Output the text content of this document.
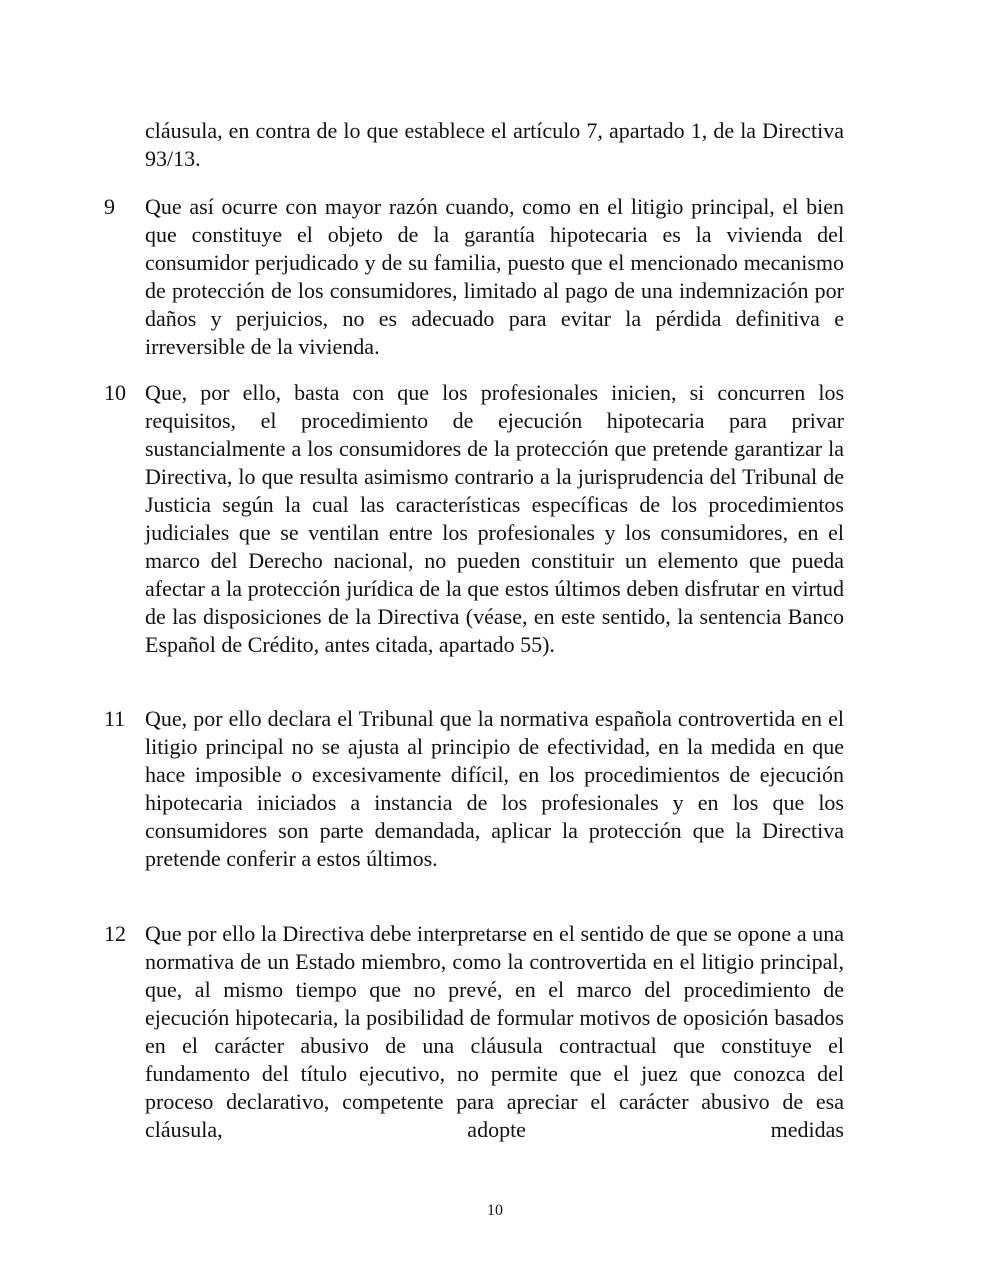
cláusula, en contra de lo que establece el artículo 7, apartado 1, de la Directiva 93/13.
9	Que así ocurre con mayor razón cuando, como en el litigio principal, el bien que constituye el objeto de la garantía hipotecaria es la vivienda del consumidor perjudicado y de su familia, puesto que el mencionado mecanismo de protección de los consumidores, limitado al pago de una indemnización por daños y perjuicios, no es adecuado para evitar la pérdida definitiva e irreversible de la vivienda.
10 Que, por ello, basta con que los profesionales inicien, si concurren los requisitos, el procedimiento de ejecución hipotecaria para privar sustancialmente a los consumidores de la protección que pretende garantizar la Directiva, lo que resulta asimismo contrario a la jurisprudencia del Tribunal de Justicia según la cual las características específicas de los procedimientos judiciales que se ventilan entre los profesionales y los consumidores, en el marco del Derecho nacional, no pueden constituir un elemento que pueda afectar a la protección jurídica de la que estos últimos deben disfrutar en virtud de las disposiciones de la Directiva (véase, en este sentido, la sentencia Banco Español de Crédito, antes citada, apartado 55).
11 Que, por ello declara el Tribunal que la normativa española controvertida en el litigio principal no se ajusta al principio de efectividad, en la medida en que hace imposible o excesivamente difícil, en los procedimientos de ejecución hipotecaria iniciados a instancia de los profesionales y en los que los consumidores son parte demandada, aplicar la protección que la Directiva pretende conferir a estos últimos.
12 Que por ello la Directiva debe interpretarse en el sentido de que se opone a una normativa de un Estado miembro, como la controvertida en el litigio principal, que, al mismo tiempo que no prevé, en el marco del procedimiento de ejecución hipotecaria, la posibilidad de formular motivos de oposición basados en el carácter abusivo de una cláusula contractual que constituye el fundamento del título ejecutivo, no permite que el juez que conozca del proceso declarativo, competente para apreciar el carácter abusivo de esa cláusula, adopte medidas
10
